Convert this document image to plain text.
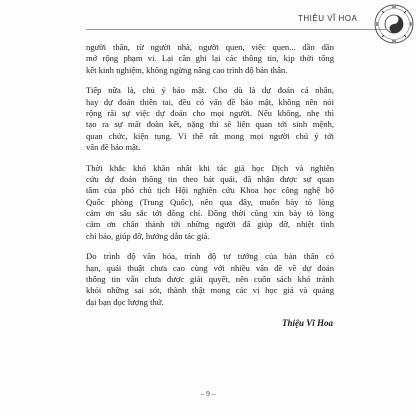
THIỆU VĨ HOA
người thân, từ người nhà, người quen, việc quen... dần dần
mở rộng phạm vi. Lại cần ghi lại các thông tin, kịp thời tổng
kết kinh nghiệm, không ngừng nâng cao trình độ bản thân.
Tiếp nữa là, chú ý bảo mật. Cho dù là dự đoán cá nhân,
hay dự đoán thiên tai, đều có vấn đề bảo mật, không nên nói
rộng rãi sự việc dự đoán cho mọi người. Nếu không, nhẹ thì
tạo ra sự mất đoàn kết, nặng thì sẽ liên quan tới sinh mệnh,
quan chức, kiện tụng. Vì thế rất mong mọi người chú ý tới
vấn đề bảo mật.
Thời khắc khó khăn nhất khi tác giả học Dịch và nghiên
cứu dự đoán thông tin theo bát quái, đã nhận được sự quan
tâm của phó chủ tịch Hội nghiên cứu Khoa học công nghệ bộ
Quốc phòng (Trung Quốc), nên qua đây, muốn bày tỏ lòng
cảm ơn sâu sắc tới đồng chí. Đồng thời cũng xin bày tỏ lòng
cảm ơn chân thành tới những người đã giúp đỡ, nhiệt tình
chỉ bảo, giúp đỡ, hướng dẫn tác giả.
Do trình độ văn hóa, trình độ tư tưởng của bản thân có
hạn, quái thuật chưa cao cùng với nhiều vấn đề về dự đoán
thông tin vẫn chưa được giải quyết, nên cuốn sách khó tránh
khỏi những sai sót, thành thật mong các vị học giả và quảng
đại bạn đọc lượng thứ.
Thiệu Vĩ Hoa
– 9 –
